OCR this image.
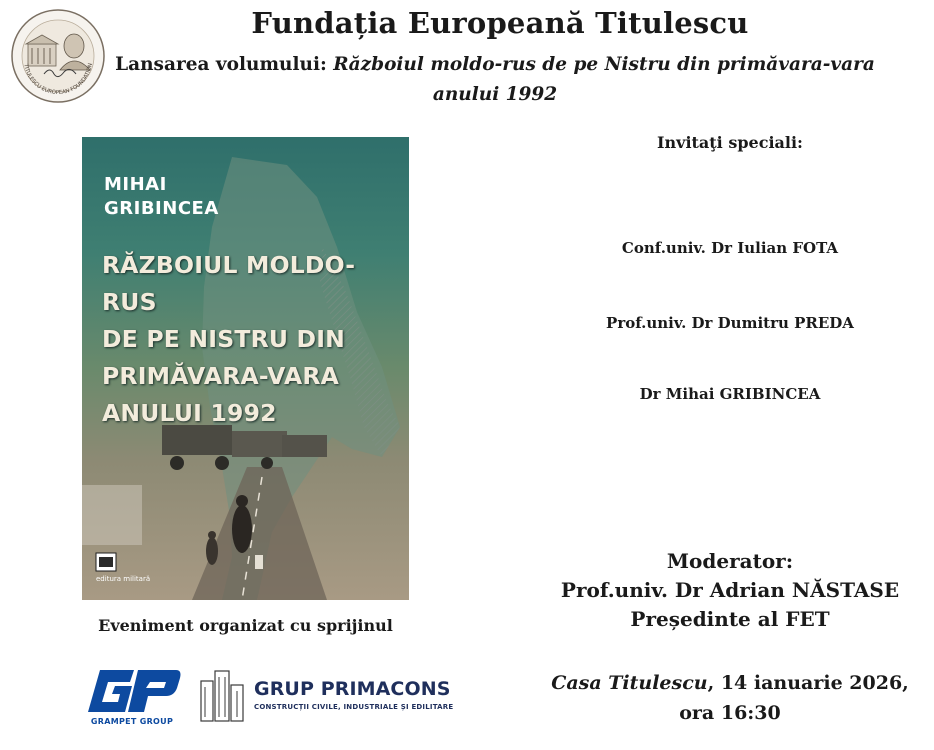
TITULESCU EUROPEAN FOUNDATION
Fundația Europeană Titulescu
Lansarea volumului: Războiul moldo-rus de pe Nistru din primăvara-vara anului 1992
MIHAI
GRIBINCEA
RĂZBOIUL MOLDO-RUS
DE PE NISTRU DIN
PRIMĂVARA-VARA
ANULUI 1992
editura militară
Eveniment organizat cu sprijinul
GRAMPET GROUP
GRUP PRIMACONS
CONSTRUCȚII CIVILE, INDUSTRIALE ȘI EDILITARE
Invitaţi speciali:
Conf.univ. Dr Iulian FOTA
Prof.univ. Dr Dumitru PREDA
Dr Mihai GRIBINCEA
Moderator:
Prof.univ. Dr Adrian NĂSTASE
Președinte al FET
Casa Titulescu, 14 ianuarie 2026,
ora 16:30
